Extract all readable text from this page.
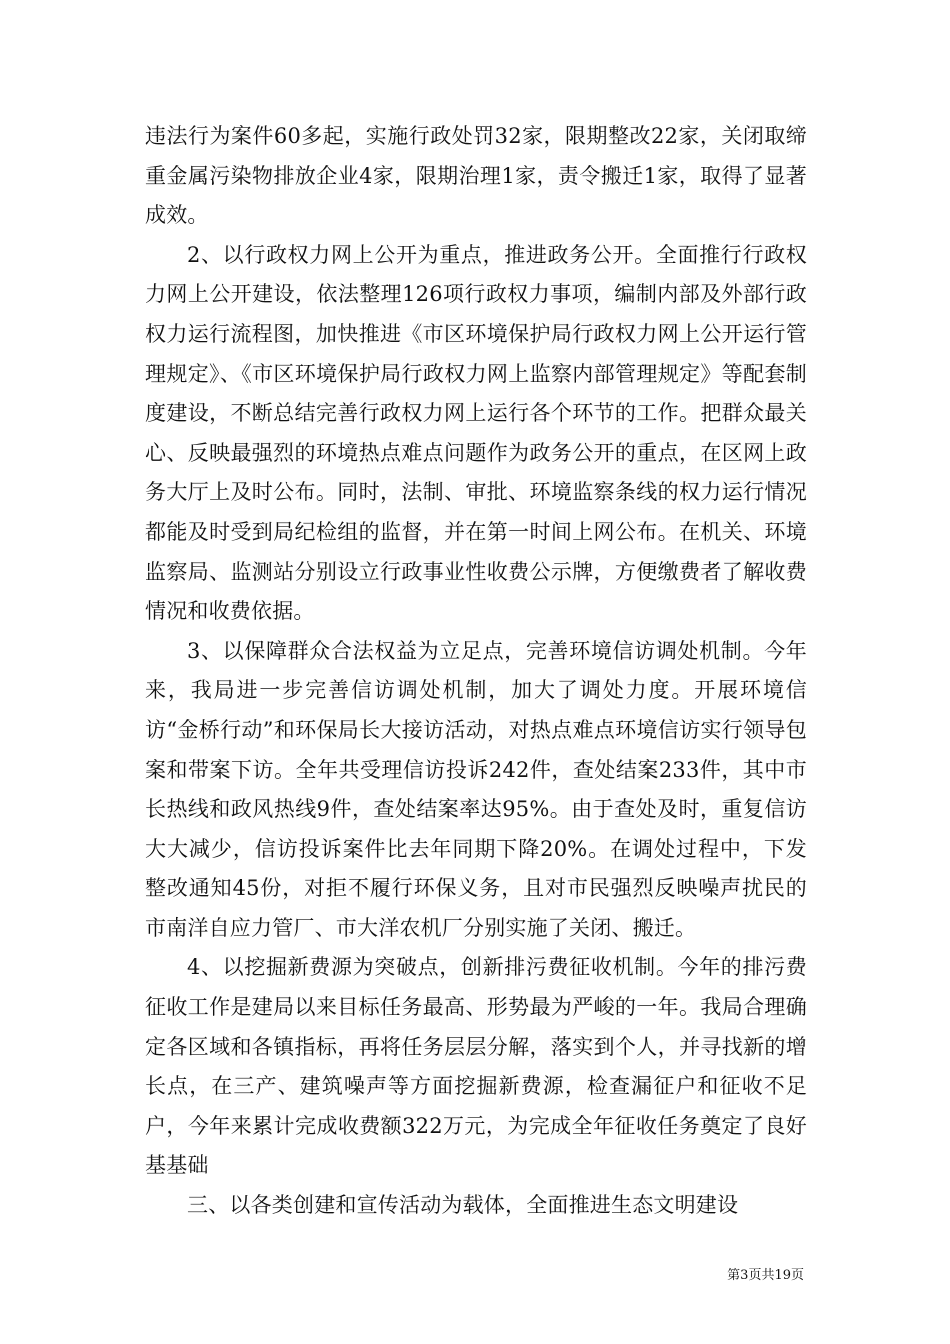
违法行为案件60多起，实施行政处罚32家，限期整改22家，关闭取缔重金属污染物排放企业4家，限期治理1家，责令搬迁1家，取得了显著成效。

2、以行政权力网上公开为重点，推进政务公开。全面推行行政权力网上公开建设，依法整理126项行政权力事项，编制内部及外部行政权力运行流程图，加快推进《市区环境保护局行政权力网上公开运行管理规定》、《市区环境保护局行政权力网上监察内部管理规定》等配套制度建设，不断总结完善行政权力网上运行各个环节的工作。把群众最关心、反映最强烈的环境热点难点问题作为政务公开的重点，在区网上政务大厅上及时公布。同时，法制、审批、环境监察条线的权力运行情况都能及时受到局纪检组的监督，并在第一时间上网公布。在机关、环境监察局、监测站分别设立行政事业性收费公示牌，方便缴费者了解收费情况和收费依据。

3、以保障群众合法权益为立足点，完善环境信访调处机制。今年来，我局进一步完善信访调处机制，加大了调处力度。开展环境信访“金桥行动”和环保局长大接访活动，对热点难点环境信访实行领导包案和带案下访。全年共受理信访投诉242件，查处结案233件，其中市长热线和政风热线9件，查处结案率达95%。由于查处及时，重复信访大大减少，信访投诉案件比去年同期下降20%。在调处过程中，下发整改通知45份，对拒不履行环保义务，且对市民强烈反映噪声扰民的市南洋自应力管厂、市大洋农机厂分别实施了关闭、搬迁。

4、以挖掘新费源为突破点，创新排污费征收机制。今年的排污费征收工作是建局以来目标任务最高、形势最为严峻的一年。我局合理确定各区域和各镇指标，再将任务层层分解，落实到个人，并寻找新的增长点，在三产、建筑噪声等方面挖掘新费源，检查漏征户和征收不足户，今年来累计完成收费额322万元，为完成全年征收任务奠定了良好基基础

三、以各类创建和宣传活动为载体，全面推进生态文明建设

第3页共19页
